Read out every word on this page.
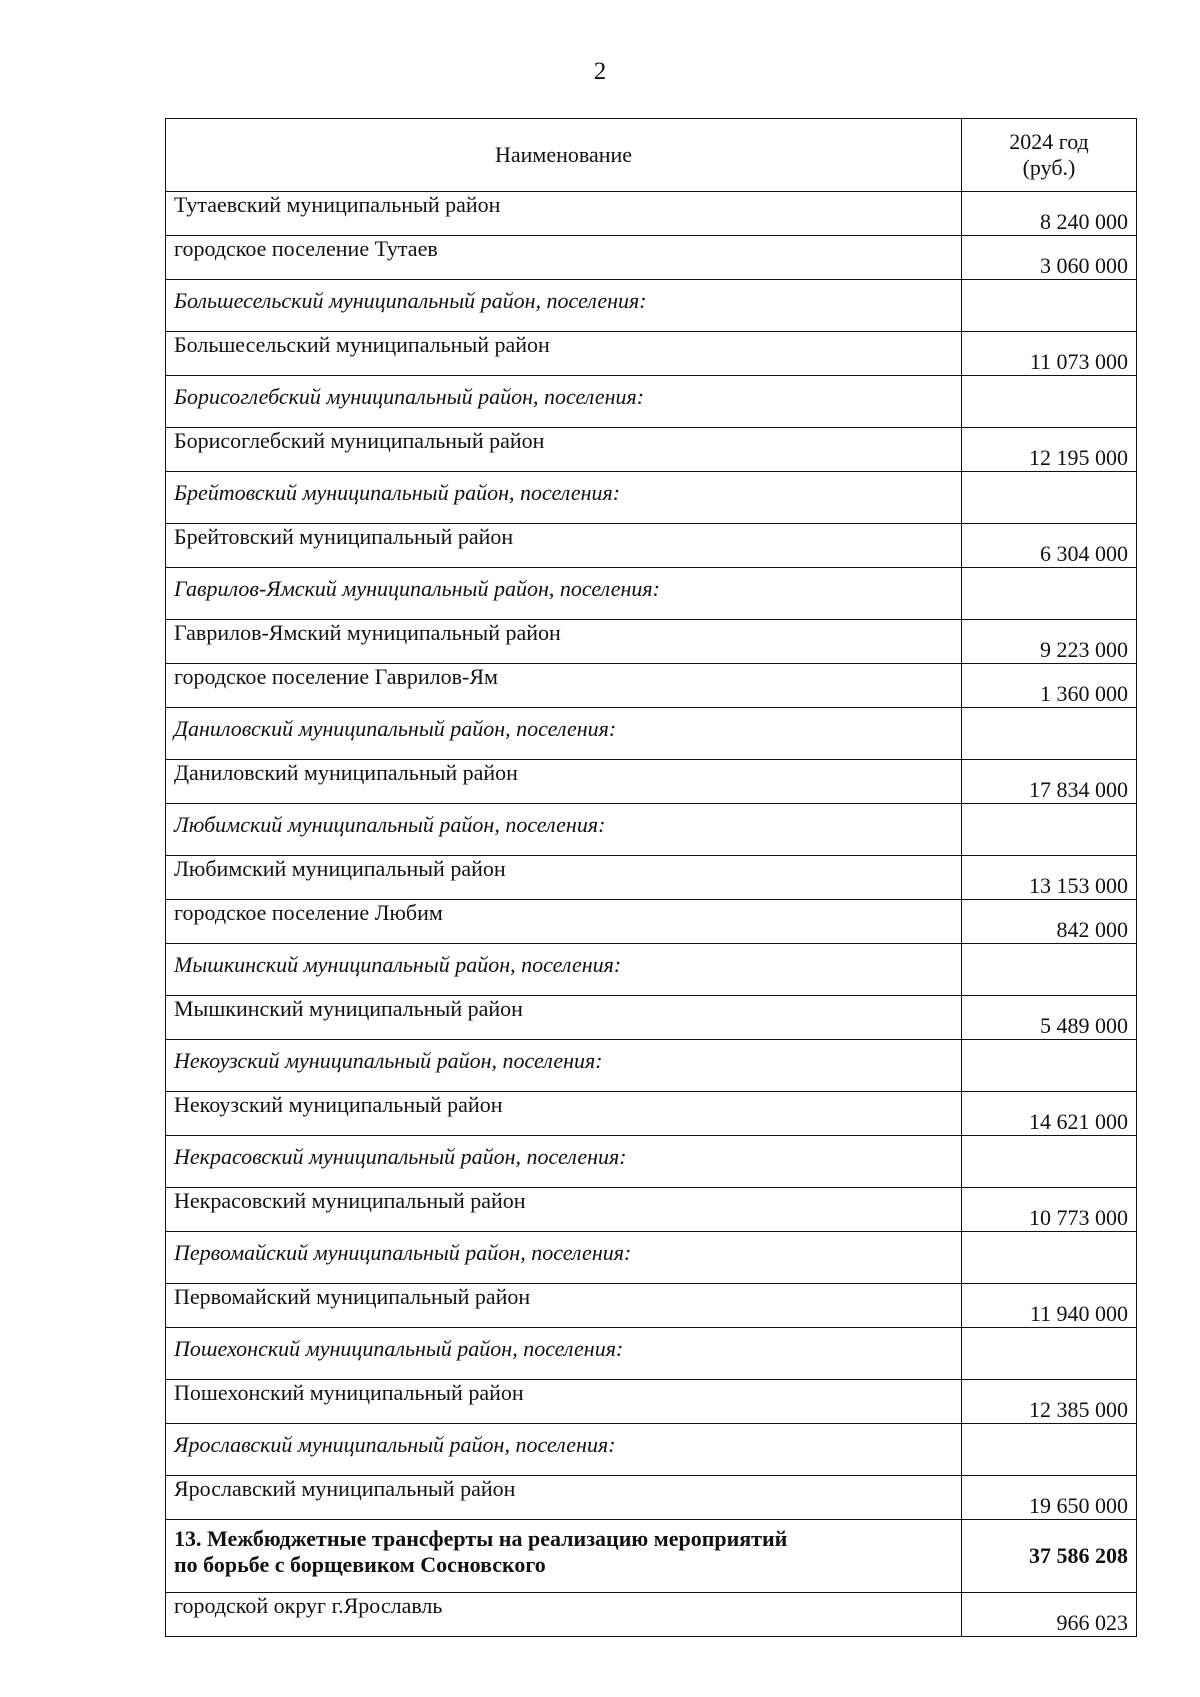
2
Наименование	2024 год
(руб.)
Тутаевский муниципальный район	8 240 000
городское поселение Тутаев	3 060 000
Большесельский муниципальный район, поселения:	
Большесельский муниципальный район	11 073 000
Борисоглебский муниципальный район, поселения:	
Борисоглебский муниципальный район	12 195 000
Брейтовский муниципальный район, поселения:	
Брейтовский муниципальный район	6 304 000
Гаврилов-Ямский муниципальный район, поселения:	
Гаврилов-Ямский муниципальный район	9 223 000
городское поселение Гаврилов-Ям	1 360 000
Даниловский муниципальный район, поселения:	
Даниловский муниципальный район	17 834 000
Любимский муниципальный район, поселения:	
Любимский муниципальный район	13 153 000
городское поселение Любим	842 000
Мышкинский муниципальный район, поселения:	
Мышкинский муниципальный район	5 489 000
Некоузский муниципальный район, поселения:	
Некоузский муниципальный район	14 621 000
Некрасовский муниципальный район, поселения:	
Некрасовский муниципальный район	10 773 000
Первомайский муниципальный район, поселения:	
Первомайский муниципальный район	11 940 000
Пошехонский муниципальный район, поселения:	
Пошехонский муниципальный район	12 385 000
Ярославский муниципальный район, поселения:	
Ярославский муниципальный район	19 650 000
13. Межбюджетные трансферты на реализацию мероприятий
по борьбе с борщевиком Сосновского	37 586 208
городской округ г.Ярославль	966 023
